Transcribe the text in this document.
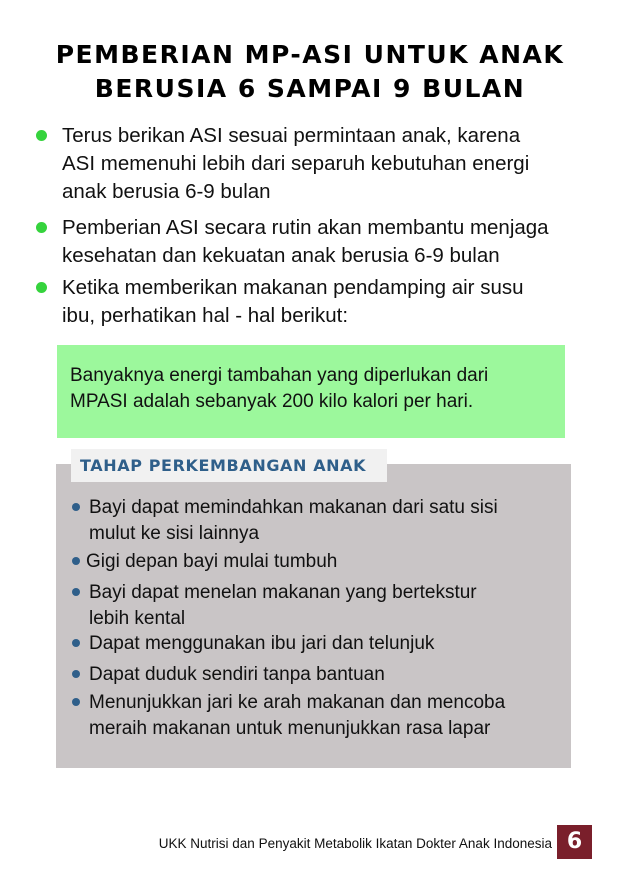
PEMBERIAN MP-ASI UNTUK ANAK
BERUSIA 6 SAMPAI 9 BULAN
Terus berikan ASI sesuai permintaan anak, karena
ASI memenuhi lebih dari separuh kebutuhan energi
anak berusia 6-9 bulan
Pemberian ASI secara rutin akan membantu menjaga
kesehatan dan kekuatan anak berusia 6-9 bulan
Ketika memberikan makanan pendamping air susu
ibu, perhatikan hal - hal berikut:
Banyaknya energi tambahan yang diperlukan dari
MPASI adalah sebanyak 200 kilo kalori per hari.
TAHAP PERKEMBANGAN ANAK
Bayi dapat memindahkan makanan dari satu sisi
mulut ke sisi lainnya
Gigi depan bayi mulai tumbuh
Bayi dapat menelan makanan yang bertekstur
lebih kental
Dapat menggunakan ibu jari dan telunjuk
Dapat duduk sendiri tanpa bantuan
Menunjukkan jari ke arah makanan dan mencoba
meraih makanan untuk menunjukkan rasa lapar
UKK Nutrisi dan Penyakit Metabolik Ikatan Dokter Anak Indonesia 6
